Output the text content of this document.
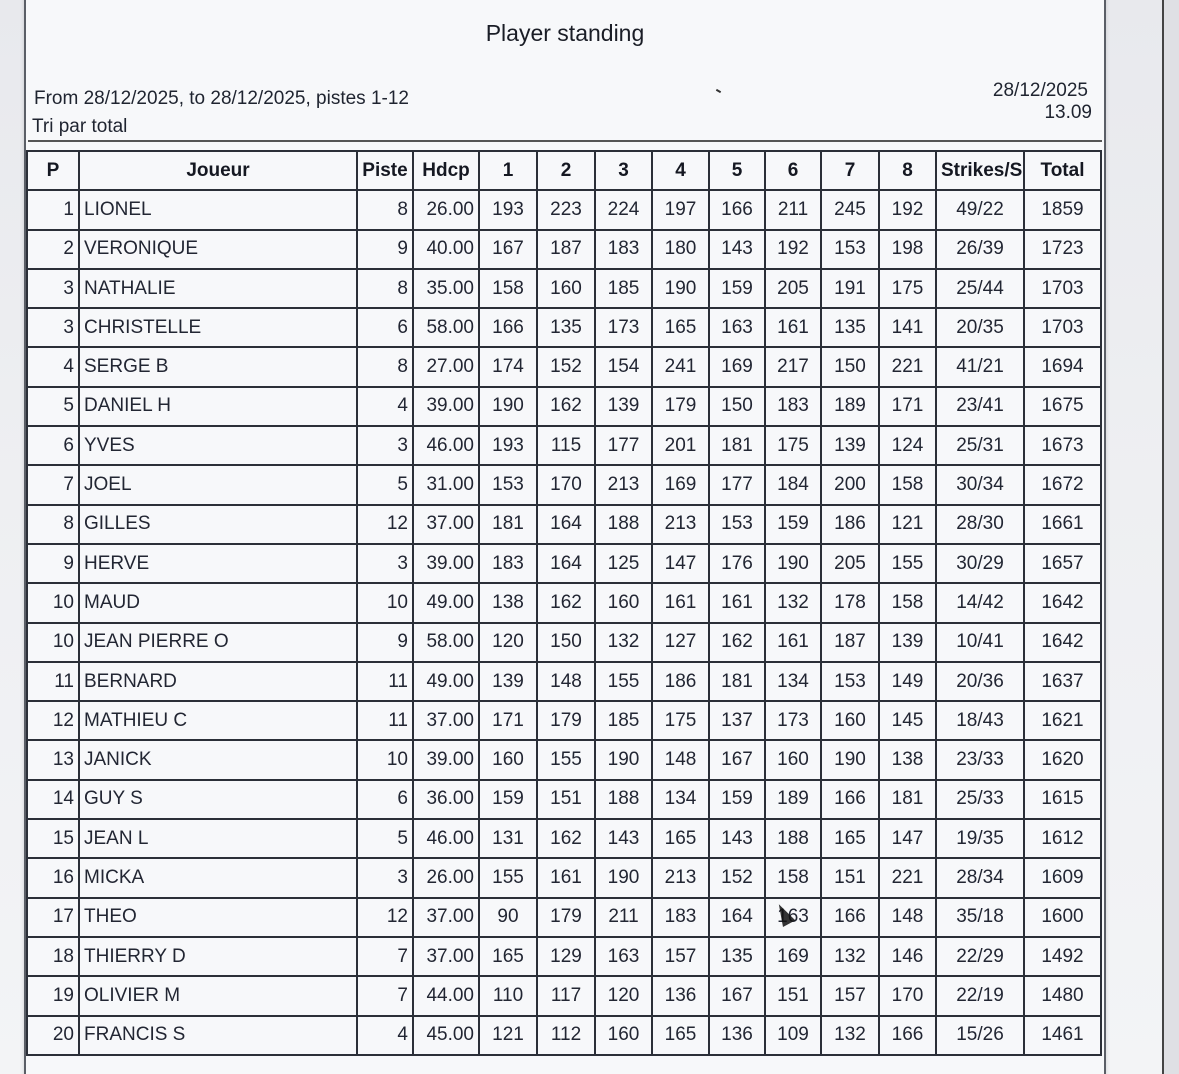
Player standing
From 28/12/2025, to 28/12/2025, pistes 1-12
Tri par total
28/12/2025
13.09
P	Joueur	Piste	Hdcp	1	2	3	4	5	6	7	8	Strikes/S	Total
1	LIONEL	8	26.00	193	223	224	197	166	211	245	192	49/22	1859
2	VERONIQUE	9	40.00	167	187	183	180	143	192	153	198	26/39	1723
3	NATHALIE	8	35.00	158	160	185	190	159	205	191	175	25/44	1703
3	CHRISTELLE	6	58.00	166	135	173	165	163	161	135	141	20/35	1703
4	SERGE B	8	27.00	174	152	154	241	169	217	150	221	41/21	1694
5	DANIEL H	4	39.00	190	162	139	179	150	183	189	171	23/41	1675
6	YVES	3	46.00	193	115	177	201	181	175	139	124	25/31	1673
7	JOEL	5	31.00	153	170	213	169	177	184	200	158	30/34	1672
8	GILLES	12	37.00	181	164	188	213	153	159	186	121	28/30	1661
9	HERVE	3	39.00	183	164	125	147	176	190	205	155	30/29	1657
10	MAUD	10	49.00	138	162	160	161	161	132	178	158	14/42	1642
10	JEAN PIERRE O	9	58.00	120	150	132	127	162	161	187	139	10/41	1642
11	BERNARD	11	49.00	139	148	155	186	181	134	153	149	20/36	1637
12	MATHIEU C	11	37.00	171	179	185	175	137	173	160	145	18/43	1621
13	JANICK	10	39.00	160	155	190	148	167	160	190	138	23/33	1620
14	GUY S	6	36.00	159	151	188	134	159	189	166	181	25/33	1615
15	JEAN L	5	46.00	131	162	143	165	143	188	165	147	19/35	1612
16	MICKA	3	26.00	155	161	190	213	152	158	151	221	28/34	1609
17	THEO	12	37.00	90	179	211	183	164	163	166	148	35/18	1600
18	THIERRY D	7	37.00	165	129	163	157	135	169	132	146	22/29	1492
19	OLIVIER M	7	44.00	110	117	120	136	167	151	157	170	22/19	1480
20	FRANCIS S	4	45.00	121	112	160	165	136	109	132	166	15/26	1461
